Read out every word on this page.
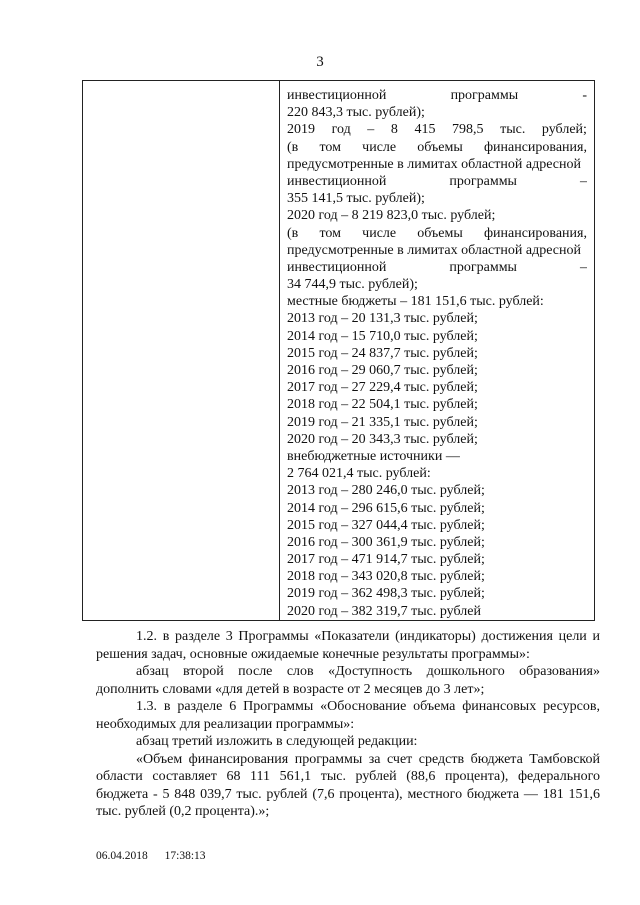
3
инвестиционной	программы	-
220 843,3 тыс. рублей);
2019 год – 8 415 798,5 тыс. рублей;
(в том числе объемы финансирования,
предусмотренные в лимитах областной адресной
инвестиционной	программы	–
355 141,5 тыс. рублей);
2020 год – 8 219 823,0 тыс. рублей;
(в том числе объемы финансирования,
предусмотренные в лимитах областной адресной
инвестиционной	программы	–
34 744,9 тыс. рублей);
местные бюджеты – 181 151,6 тыс. рублей:
2013 год – 20 131,3 тыс. рублей;
2014 год – 15 710,0 тыс. рублей;
2015 год – 24 837,7 тыс. рублей;
2016 год – 29 060,7 тыс. рублей;
2017 год – 27 229,4 тыс. рублей;
2018 год – 22 504,1 тыс. рублей;
2019 год – 21 335,1 тыс. рублей;
2020 год – 20 343,3 тыс. рублей;
внебюджетные источники —
2 764 021,4 тыс. рублей:
2013 год – 280 246,0 тыс. рублей;
2014 год – 296 615,6 тыс. рублей;
2015 год – 327 044,4 тыс. рублей;
2016 год – 300 361,9 тыс. рублей;
2017 год – 471 914,7 тыс. рублей;
2018 год – 343 020,8 тыс. рублей;
2019 год – 362 498,3 тыс. рублей;
2020 год – 382 319,7 тыс. рублей

1.2. в разделе 3 Программы «Показатели (индикаторы) достижения цели и решения задач, основные ожидаемые конечные результаты программы»:

абзац второй после слов «Доступность дошкольного образования» дополнить словами «для детей в возрасте от 2 месяцев до 3 лет»;

1.3. в разделе 6 Программы «Обоснование объема финансовых ресурсов, необходимых для реализации программы»:

абзац третий изложить в следующей редакции:

«Объем финансирования программы за счет средств бюджета Тамбовской области составляет 68 111 561,1 тыс. рублей (88,6 процента), федерального бюджета - 5 848 039,7 тыс. рублей (7,6 процента), местного бюджета — 181 151,6 тыс. рублей (0,2 процента).»;

06.04.2018 17:38:13
